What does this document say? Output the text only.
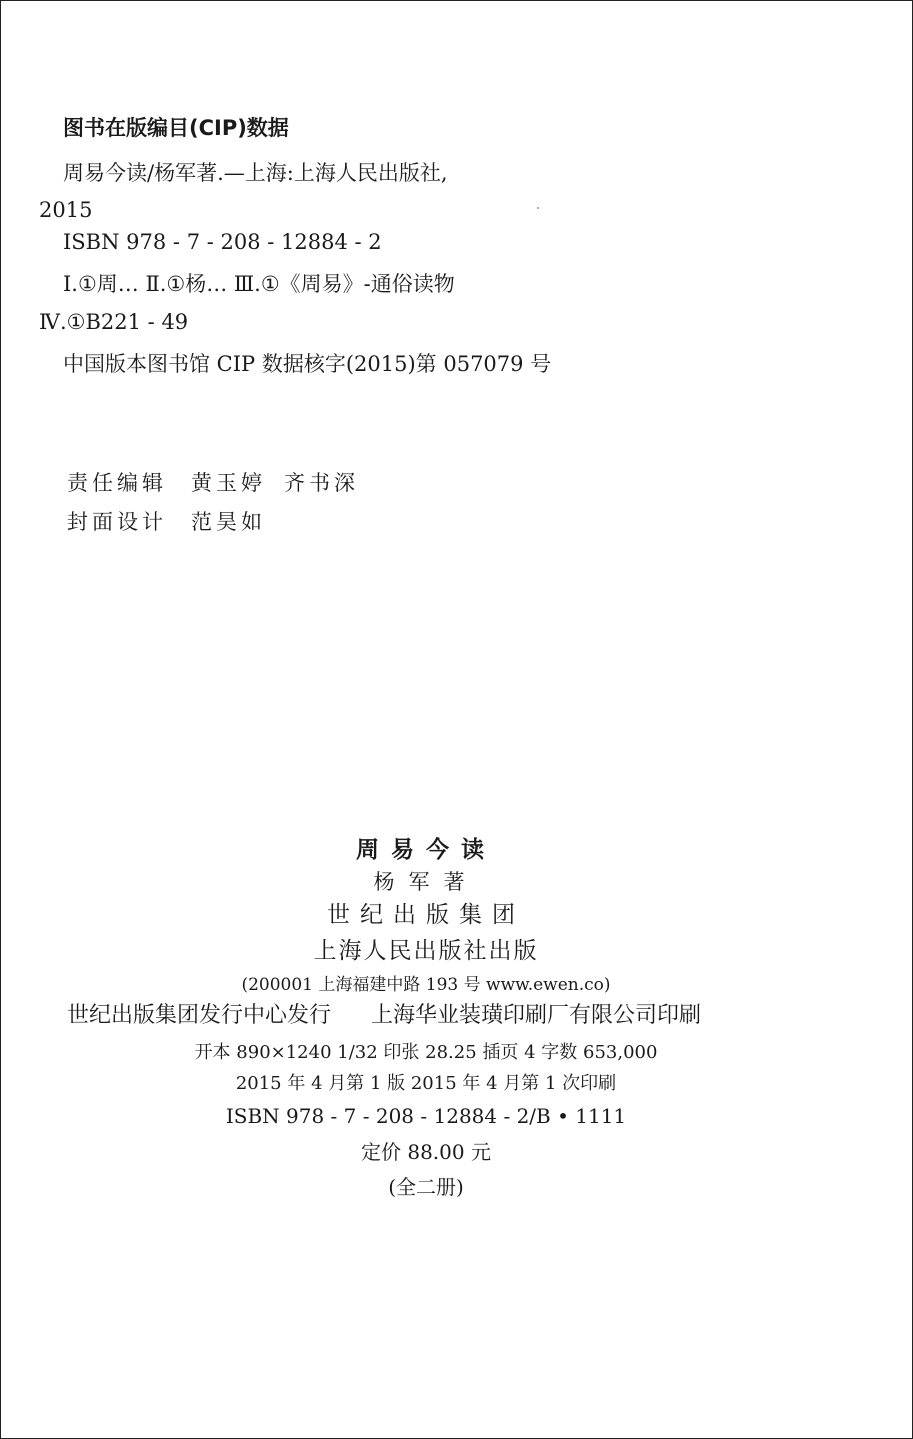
图书在版编目(CIP)数据
周易今读/杨军著.—上海:上海人民出版社,
2015
ISBN 978 - 7 - 208 - 12884 - 2
Ⅰ.①周… Ⅱ.①杨… Ⅲ.①《周易》-通俗读物
Ⅳ.①B221 - 49
中国版本图书馆 CIP 数据核字(2015)第 057079 号
责任编辑 黄玉婷 齐书深
封面设计 范昊如
周易今读
杨军著
世纪出版集团
上海人民出版社出版
(200001 上海福建中路 193 号 www.ewen.co)
世纪出版集团发行中心发行 上海华业装璜印刷厂有限公司印刷
开本 890×1240 1/32 印张 28.25 插页 4 字数 653,000
2015 年 4 月第 1 版 2015 年 4 月第 1 次印刷
ISBN 978 - 7 - 208 - 12884 - 2/B • 1111
定价 88.00 元
(全二册)
